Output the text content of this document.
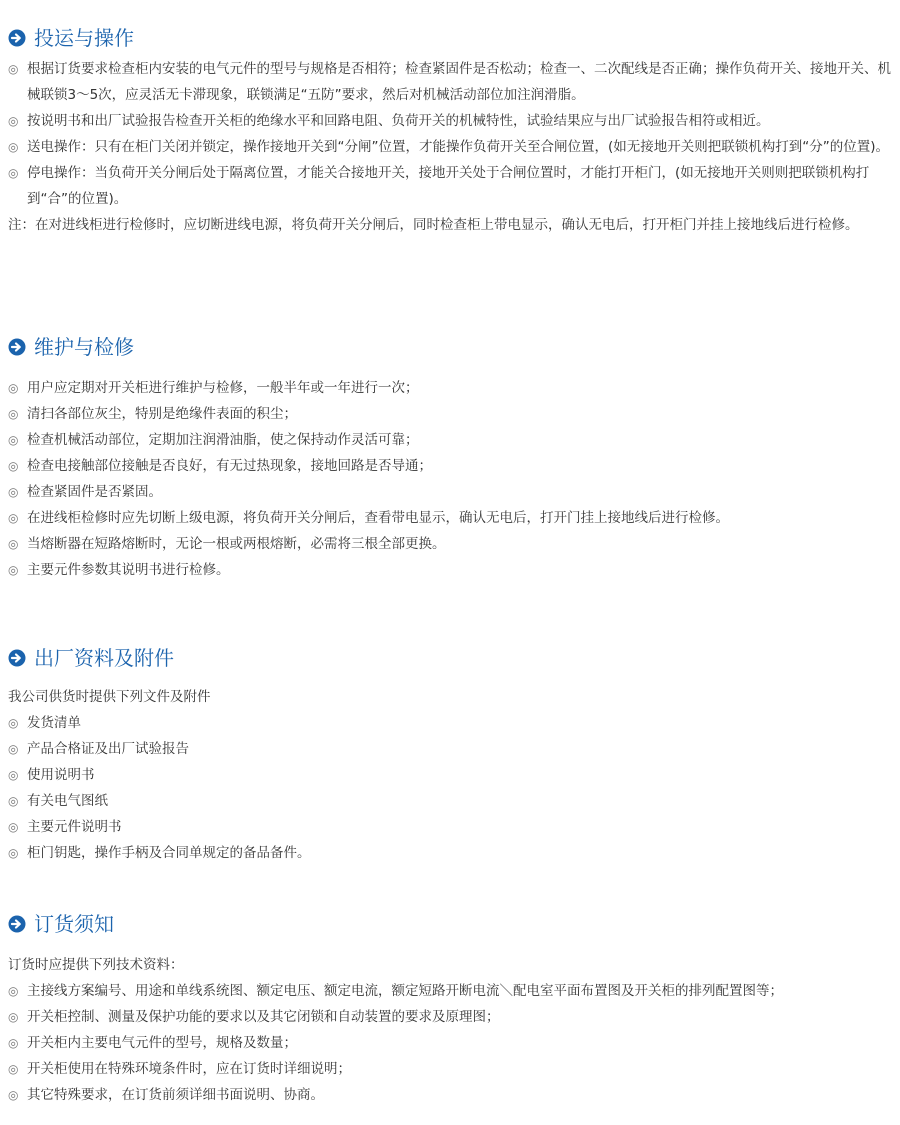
投运与操作
◎ 根据订货要求检查柜内安装的电气元件的型号与规格是否相符；检查紧固件是否松动；检查一、二次配线是否正确；操作负荷开关、接地开关、机械联锁3～5次，应灵活无卡滞现象，联锁满足“五防”要求，然后对机械活动部位加注润滑脂。
◎ 按说明书和出厂试验报告检查开关柜的绝缘水平和回路电阻、负荷开关的机械特性，试验结果应与出厂试验报告相符或相近。
◎ 送电操作：只有在柜门关闭并锁定，操作接地开关到“分闸”位置，才能操作负荷开关至合闸位置，(如无接地开关则把联锁机构打到“分”的位置)。
◎ 停电操作：当负荷开关分闸后处于隔离位置，才能关合接地开关，接地开关处于合闸位置时，才能打开柜门，(如无接地开关则则把联锁机构打到“合”的位置)。
注：在对进线柜进行检修时，应切断进线电源，将负荷开关分闸后，同时检查柜上带电显示，确认无电后，打开柜门并挂上接地线后进行检修。
维护与检修
◎ 用户应定期对开关柜进行维护与检修，一般半年或一年进行一次；
◎ 清扫各部位灰尘，特别是绝缘件表面的积尘；
◎ 检查机械活动部位，定期加注润滑油脂，使之保持动作灵活可靠；
◎ 检查电接触部位接触是否良好，有无过热现象，接地回路是否导通；
◎ 检查紧固件是否紧固。
◎ 在进线柜检修时应先切断上级电源，将负荷开关分闸后，查看带电显示，确认无电后，打开门挂上接地线后进行检修。
◎ 当熔断器在短路熔断时，无论一根或两根熔断，必需将三根全部更换。
◎ 主要元件参数其说明书进行检修。
出厂资料及附件
我公司供货时提供下列文件及附件
◎ 发货清单
◎ 产品合格证及出厂试验报告
◎ 使用说明书
◎ 有关电气图纸
◎ 主要元件说明书
◎ 柜门钥匙，操作手柄及合同单规定的备品备件。
订货须知
订货时应提供下列技术资料：
◎ 主接线方案编号、用途和单线系统图、额定电压、额定电流，额定短路开断电流＼配电室平面布置图及开关柜的排列配置图等；
◎ 开关柜控制、测量及保护功能的要求以及其它闭锁和自动装置的要求及原理图；
◎ 开关柜内主要电气元件的型号，规格及数量；
◎ 开关柜使用在特殊环境条件时，应在订货时详细说明；
◎ 其它特殊要求，在订货前须详细书面说明、协商。
